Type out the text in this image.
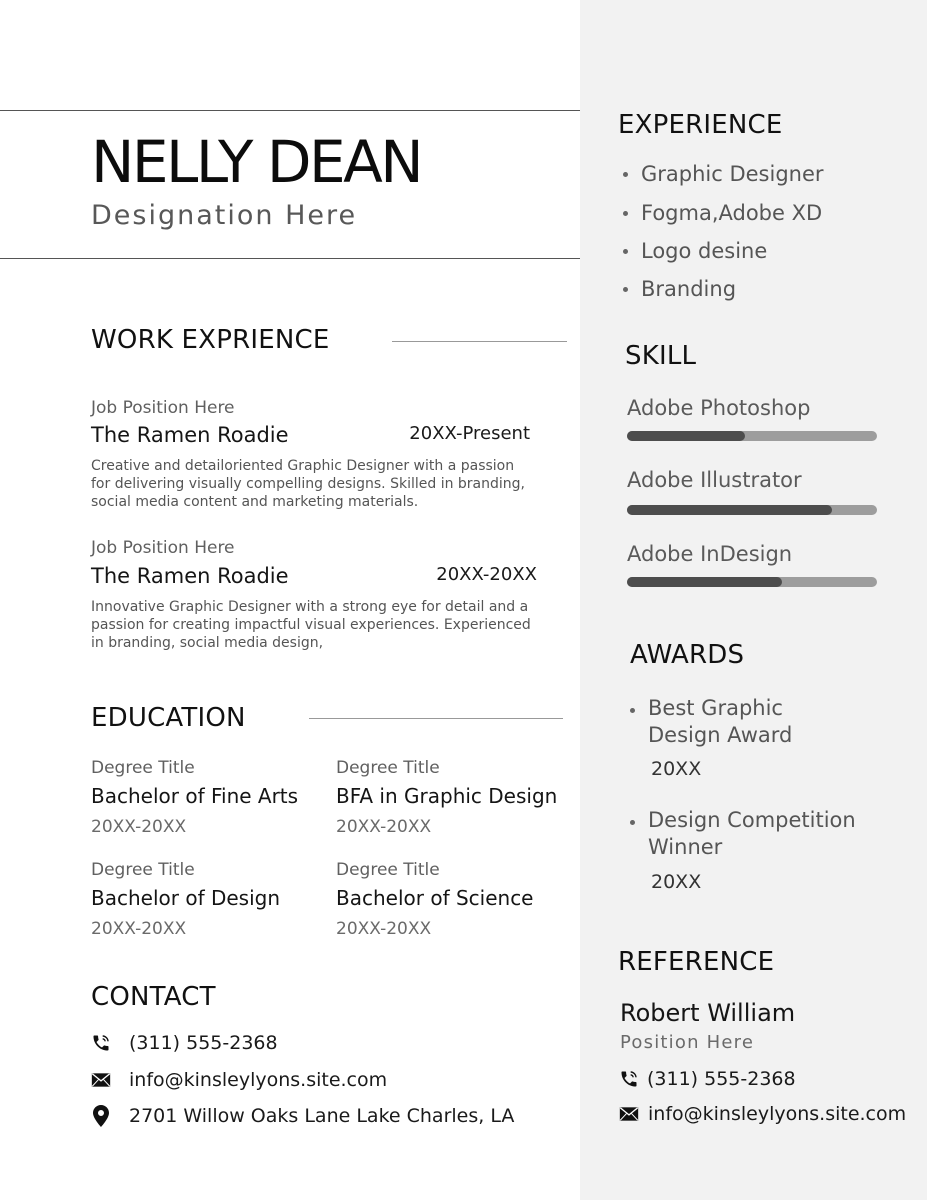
NELLY DEAN
Designation Here
WORK EXPRIENCE
Job Position Here
The Ramen Roadie	20XX-Present
Creative and detailoriented Graphic Designer with a passion for delivering visually compelling designs. Skilled in branding, social media content and marketing materials.
Job Position Here
The Ramen Roadie	20XX-20XX
Innovative Graphic Designer with a strong eye for detail and a passion for creating impactful visual experiences. Experienced in branding, social media design,
EDUCATION
Degree Title
Bachelor of Fine Arts
20XX-20XX
Degree Title
BFA in Graphic Design
20XX-20XX
Degree Title
Bachelor of Design
20XX-20XX
Degree Title
Bachelor of Science
20XX-20XX
CONTACT
(311) 555-2368
info@kinsleylyons.site.com
2701 Willow Oaks Lane Lake Charles, LA
EXPERIENCE
Graphic Designer
Fogma,Adobe XD
Logo desine
Branding
SKILL
Adobe Photoshop
Adobe Illustrator
Adobe InDesign
AWARDS
Best Graphic Design Award
20XX
Design Competition Winner
20XX
REFERENCE
Robert William
Position Here
(311) 555-2368
info@kinsleylyons.site.com
